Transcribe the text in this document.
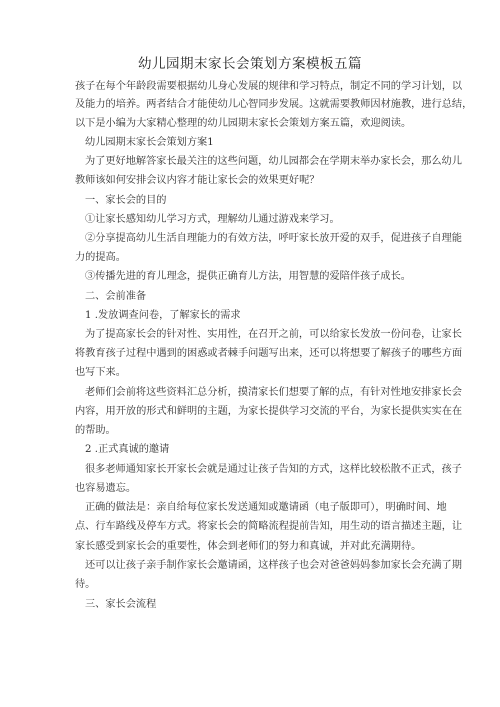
幼儿园期末家长会策划方案模板五篇
孩子在每个年龄段需要根据幼儿身心发展的规律和学习特点，制定不同的学习计划，以
及能力的培养。两者结合才能使幼儿心智同步发展。这就需要教师因材施教，进行总结，
以下是小编为大家精心整理的幼儿园期末家长会策划方案五篇，欢迎阅读。
幼儿园期末家长会策划方案1
为了更好地解答家长最关注的这些问题，幼儿园都会在学期末举办家长会，那么幼儿
教师该如何安排会议内容才能让家长会的效果更好呢？
一、家长会的目的
①让家长感知幼儿学习方式，理解幼儿通过游戏来学习。
②分享提高幼儿生活自理能力的有效方法，呼吁家长放开爱的双手，促进孩子自理能
力的提高。
③传播先进的育儿理念，提供正确育儿方法，用智慧的爱陪伴孩子成长。
二、会前准备
1 .发放调查问卷，了解家长的需求
为了提高家长会的针对性、实用性，在召开之前，可以给家长发放一份问卷，让家长
将教育孩子过程中遇到的困惑或者棘手问题写出来，还可以将想要了解孩子的哪些方面
也写下来。
老师们会前将这些资料汇总分析，摸清家长们想要了解的点，有针对性地安排家长会
内容，用开放的形式和鲜明的主题，为家长提供学习交流的平台，为家长提供实实在在
的帮助。
2 .正式真诚的邀请
很多老师通知家长开家长会就是通过让孩子告知的方式，这样比较松散不正式，孩子
也容易遗忘。
正确的做法是：亲自给每位家长发送通知或邀请函（电子版即可），明确时间、地
点、行车路线及停车方式。将家长会的简略流程提前告知，用生动的语言描述主题，让
家长感受到家长会的重要性，体会到老师们的努力和真诚，并对此充满期待。
还可以让孩子亲手制作家长会邀请函，这样孩子也会对爸爸妈妈参加家长会充满了期
待。
三、家长会流程
